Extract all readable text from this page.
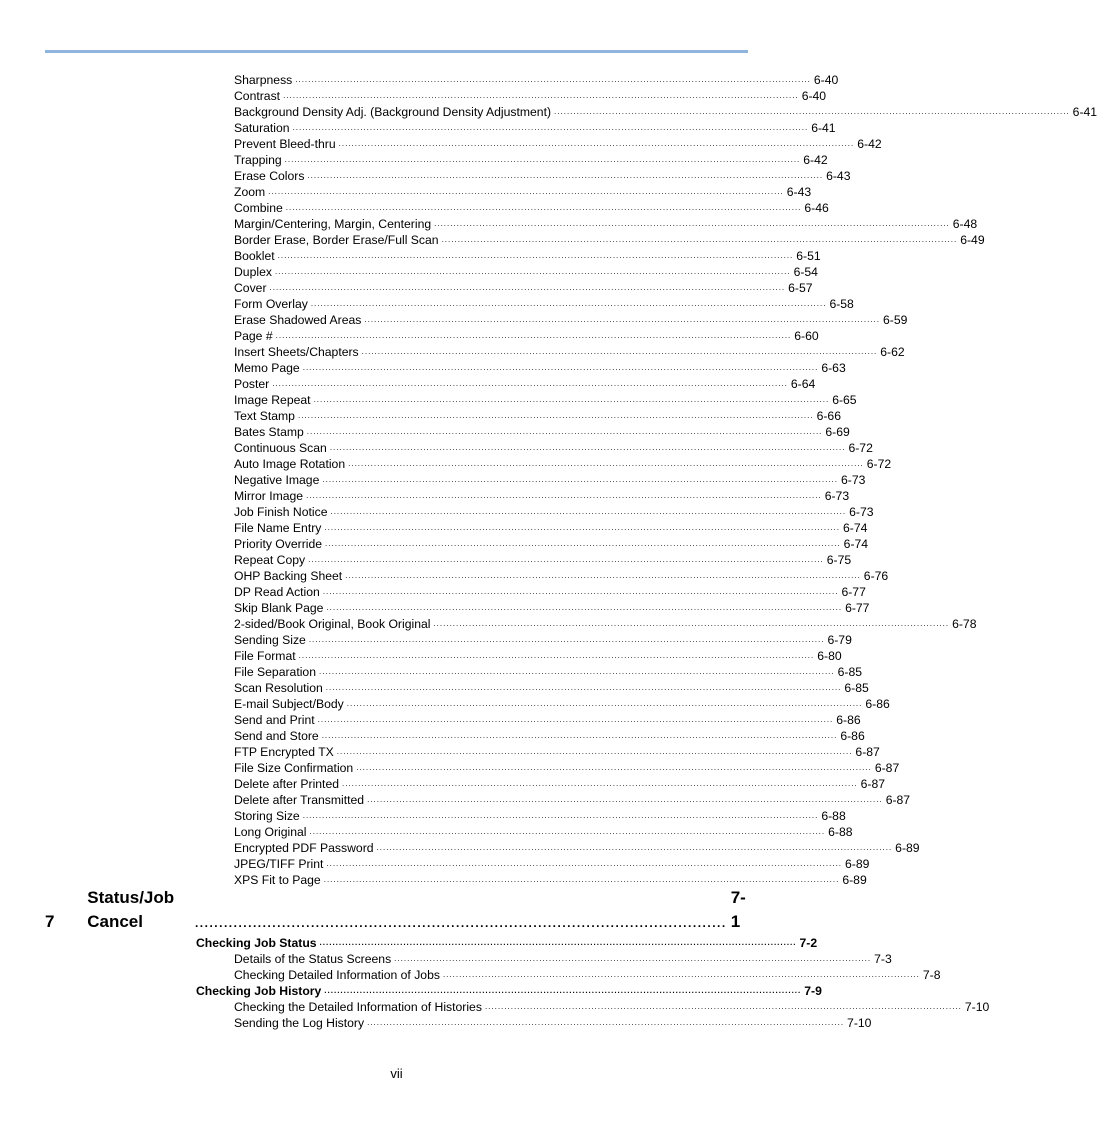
Sharpness ................................................................................................................................................................ 6-40
Contrast ................................................................................................................................................................ 6-40
Background Density Adj. (Background Density Adjustment) ................................................................................................................................................................ 6-41
Saturation ................................................................................................................................................................ 6-41
Prevent Bleed-thru ................................................................................................................................................................ 6-42
Trapping ................................................................................................................................................................ 6-42
Erase Colors ................................................................................................................................................................ 6-43
Zoom ................................................................................................................................................................ 6-43
Combine ................................................................................................................................................................ 6-46
Margin/Centering, Margin, Centering ................................................................................................................................................................ 6-48
Border Erase, Border Erase/Full Scan ................................................................................................................................................................ 6-49
Booklet ................................................................................................................................................................ 6-51
Duplex ................................................................................................................................................................ 6-54
Cover ................................................................................................................................................................ 6-57
Form Overlay ................................................................................................................................................................ 6-58
Erase Shadowed Areas ................................................................................................................................................................ 6-59
Page # ................................................................................................................................................................ 6-60
Insert Sheets/Chapters ................................................................................................................................................................ 6-62
Memo Page ................................................................................................................................................................ 6-63
Poster ................................................................................................................................................................ 6-64
Image Repeat ................................................................................................................................................................ 6-65
Text Stamp ................................................................................................................................................................ 6-66
Bates Stamp ................................................................................................................................................................ 6-69
Continuous Scan ................................................................................................................................................................ 6-72
Auto Image Rotation ................................................................................................................................................................ 6-72
Negative Image ................................................................................................................................................................ 6-73
Mirror Image ................................................................................................................................................................ 6-73
Job Finish Notice ................................................................................................................................................................ 6-73
File Name Entry ................................................................................................................................................................ 6-74
Priority Override ................................................................................................................................................................ 6-74
Repeat Copy ................................................................................................................................................................ 6-75
OHP Backing Sheet ................................................................................................................................................................ 6-76
DP Read Action ................................................................................................................................................................ 6-77
Skip Blank Page ................................................................................................................................................................ 6-77
2-sided/Book Original, Book Original ................................................................................................................................................................ 6-78
Sending Size ................................................................................................................................................................ 6-79
File Format ................................................................................................................................................................ 6-80
File Separation ................................................................................................................................................................ 6-85
Scan Resolution ................................................................................................................................................................ 6-85
E-mail Subject/Body ................................................................................................................................................................ 6-86
Send and Print ................................................................................................................................................................ 6-86
Send and Store ................................................................................................................................................................ 6-86
FTP Encrypted TX ................................................................................................................................................................ 6-87
File Size Confirmation ................................................................................................................................................................ 6-87
Delete after Printed ................................................................................................................................................................ 6-87
Delete after Transmitted ................................................................................................................................................................ 6-87
Storing Size ................................................................................................................................................................ 6-88
Long Original ................................................................................................................................................................ 6-88
Encrypted PDF Password ................................................................................................................................................................ 6-89
JPEG/TIFF Print ................................................................................................................................................................ 6-89
XPS Fit to Page ................................................................................................................................................................ 6-89
7
Status/Job Cancel	..............................................................................................................
7-1
Checking Job Status .................................................................................................................................................... 7-2
Details of the Status Screens .................................................................................................................................................... 7-3
Checking Detailed Information of Jobs .................................................................................................................................................... 7-8
Checking Job History .................................................................................................................................................... 7-9
Checking the Detailed Information of Histories .................................................................................................................................................... 7-10
Sending the Log History .................................................................................................................................................... 7-10
vii
